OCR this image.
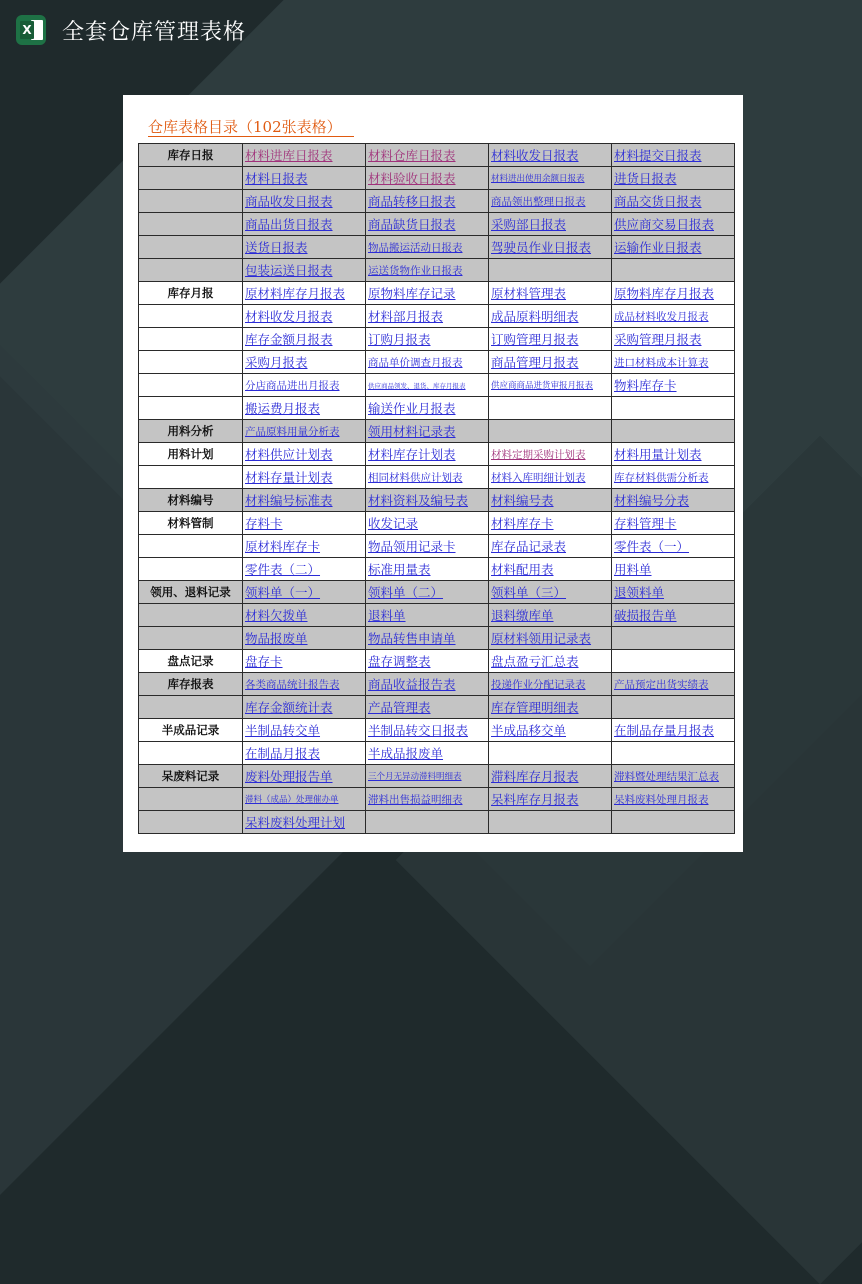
X 全套仓库管理表格
仓库表格目录（102张表格）
库存日报	材料进库日报表	材料仓库日报表	材料收发日报表	材料提交日报表
	材料日报表	材料验收日报表	材料进出使用余额日报表	进货日报表
	商品收发日报表	商品转移日报表	商品领出整理日报表	商品交货日报表
	商品出货日报表	商品缺货日报表	采购部日报表	供应商交易日报表
	送货日报表	物品搬运活动日报表	驾驶员作业日报表	运输作业日报表
	包装运送日报表	运送货物作业日报表		
库存月报	原材料库存月报表	原物料库存记录	原材料管理表	原物料库存月报表
	材料收发月报表	材料部月报表	成品原料明细表	成品材料收发月报表
	库存金额月报表	订购月报表	订购管理月报表	采购管理月报表
	采购月报表	商品单价调查月报表	商品管理月报表	进口材料成本计算表
	分店商品进出月报表	供应商品领发、退货、库存月报表	供应商商品进货审报月报表	物料库存卡
	搬运费月报表	输送作业月报表		
用料分析	产品原料用量分析表	领用材料记录表		
用料计划	材料供应计划表	材料库存计划表	材料定期采购计划表	材料用量计划表
	材料存量计划表	相同材料供应计划表	材料入库明细计划表	库存材料供需分析表
材料编号	材料编号标准表	材料资料及编号表	材料编号表	材料编号分表
材料管制	存料卡	收发记录	材料库存卡	存料管理卡
	原材料库存卡	物品领用记录卡	库存品记录表	零件表（一）
	零件表（二）	标准用量表	材料配用表	用料单
领用、退料记录	领料单（一）	领料单（二）	领料单（三）	退领料单
	材料欠拨单	退料单	退料缴库单	破损报告单
	物品报废单	物品转售申请单	原材料领用记录表	
盘点记录	盘存卡	盘存调整表	盘点盈亏汇总表	
库存报表	各类商品统计报告表	商品收益报告表	投递作业分配记录表	产品预定出货实绩表
	库存金额统计表	产品管理表	库存管理明细表	
半成品记录	半制品转交单	半制品转交日报表	半成品移交单	在制品存量月报表
	在制品月报表	半成品报废单		
呆废料记录	废料处理报告单	三个月无异动滞料明细表	滞料库存月报表	滞料暨处理结果汇总表
	滞料（成品）处理催办单	滞料出售损益明细表	呆料库存月报表	呆料废料处理月报表
	呆料废料处理计划			
